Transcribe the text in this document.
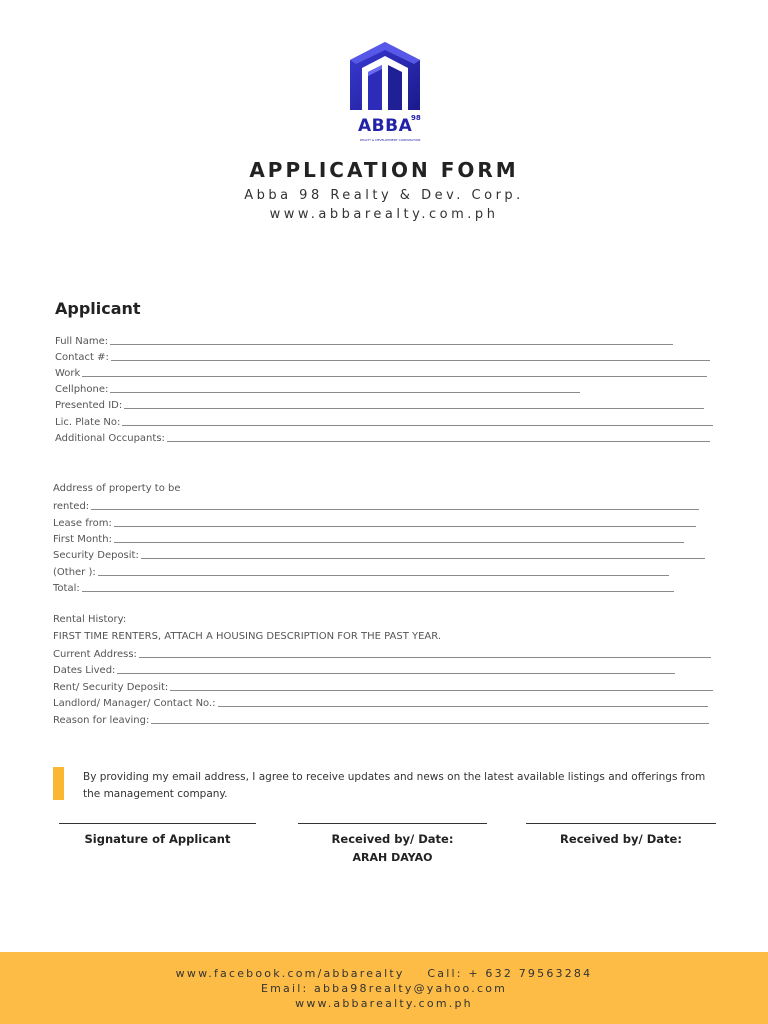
ABBA
98
REALTY & DEVELOPMENT CORPORATION
APPLICATION FORM
Abba 98 Realty & Dev. Corp.
www.abbarealty.com.ph
Applicant
Full Name:
Contact #:
Work
Cellphone:
Presented ID:
Lic. Plate No:
Additional Occupants:
Address of property to be
rented:
Lease from:
First Month:
Security Deposit:
(Other ):
Total:
Rental History:
FIRST TIME RENTERS, ATTACH A HOUSING DESCRIPTION FOR THE PAST YEAR.
Current Address:
Dates Lived:
Rent/ Security Deposit:
Landlord/ Manager/ Contact No.:
Reason for leaving:
By providing my email address, I agree to receive updates and news on the latest available listings and offerings from the management company.
Signature of Applicant	Received by/ Date:
ARAH DAYAO
Received by/ Date:
www.facebook.com/abbarealty    Call: + 632 79563284
Email: abba98realty@yahoo.com
www.abbarealty.com.ph
